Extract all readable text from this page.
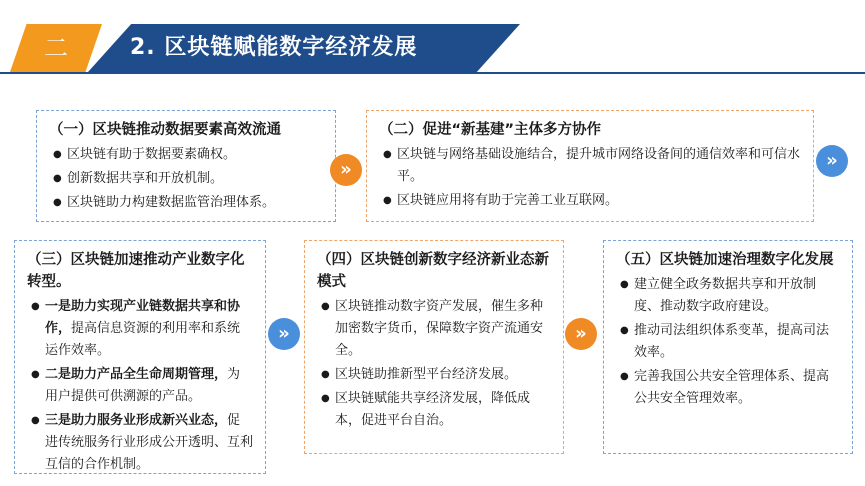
二	2. 区块链赋能数字经济发展
（一）区块链推动数据要素高效流通
● 区块链有助于数据要素确权。
● 创新数据共享和开放机制。
● 区块链助力构建数据监管治理体系。
»
（二）促进“新基建”主体多方协作
● 区块链与网络基础设施结合，提升城市网络设备间的通信效率和可信水平。
● 区块链应用将有助于完善工业互联网。
»
（三）区块链加速推动产业数字化转型。
● 一是助力实现产业链数据共享和协作，提高信息资源的利用率和系统运作效率。
● 二是助力产品全生命周期管理，为用户提供可供溯源的产品。
● 三是助力服务业形成新兴业态，促进传统服务行业形成公开透明、互利互信的合作机制。
»
（四）区块链创新数字经济新业态新模式
● 区块链推动数字资产发展，催生多种加密数字货币，保障数字资产流通安全。
● 区块链助推新型平台经济发展。
● 区块链赋能共享经济发展，降低成本，促进平台自治。
»
（五）区块链加速治理数字化发展
● 建立健全政务数据共享和开放制度、推动数字政府建设。
● 推动司法组织体系变革，提高司法效率。
● 完善我国公共安全管理体系、提高公共安全管理效率。
